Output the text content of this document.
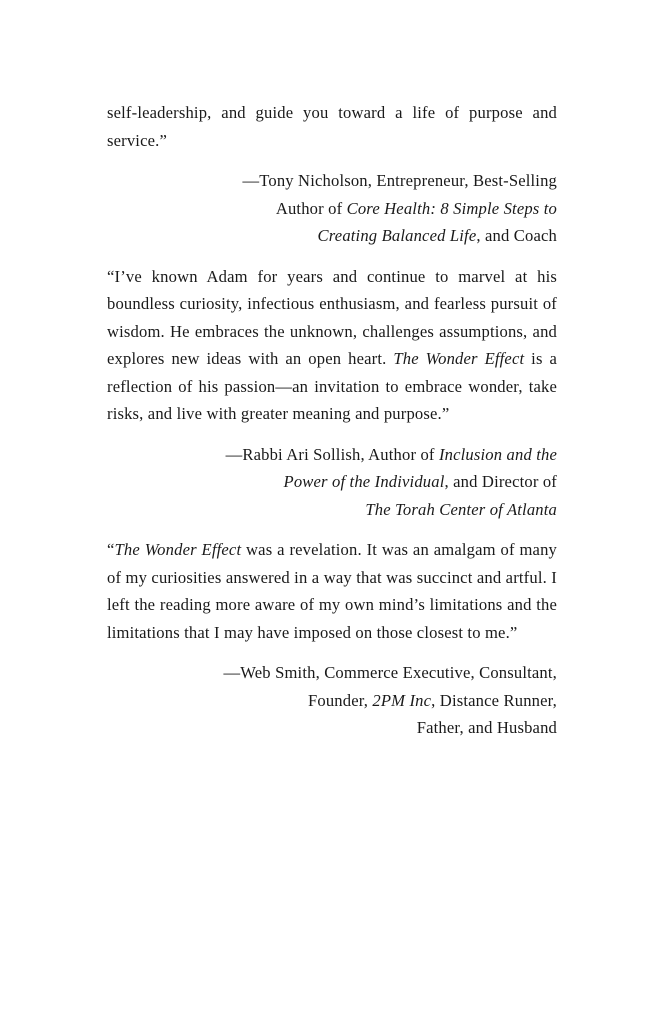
self-leadership, and guide you toward a life of purpose and service.”

—Tony Nicholson, Entrepreneur, Best-Selling
Author of Core Health: 8 Simple Steps to
Creating Balanced Life, and Coach

“I’ve known Adam for years and continue to marvel at his boundless curiosity, infectious enthusiasm, and fearless pursuit of wisdom. He embraces the unknown, challenges assumptions, and explores new ideas with an open heart. The Wonder Effect is a reflection of his passion—an invitation to embrace wonder, take risks, and live with greater meaning and purpose.”

—Rabbi Ari Sollish, Author of Inclusion and the
Power of the Individual, and Director of
The Torah Center of Atlanta

“The Wonder Effect was a revelation. It was an amalgam of many of my curiosities answered in a way that was succinct and artful. I left the reading more aware of my own mind’s limitations and the limitations that I may have imposed on those closest to me.”

—Web Smith, Commerce Executive, Consultant,
Founder, 2PM Inc, Distance Runner,
Father, and Husband
